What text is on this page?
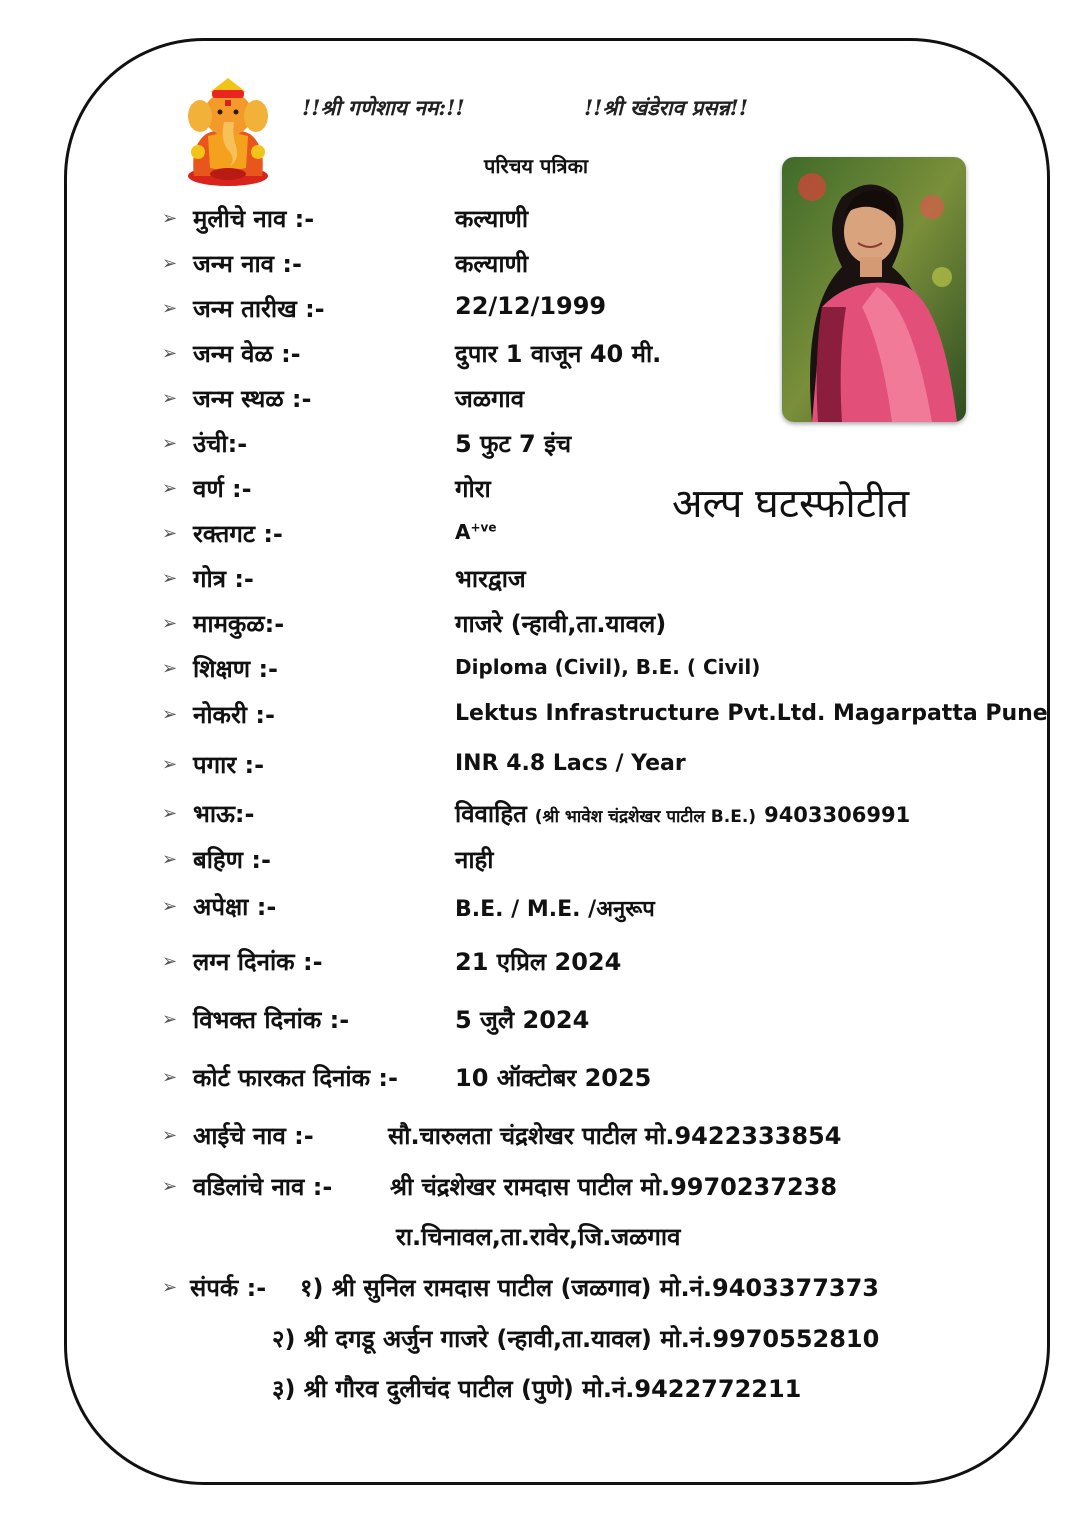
!!श्री गणेशाय नम:!!	!!श्री खंडेराव प्रसन्न!!
परिचय पत्रिका
अल्प घटस्फोटीत
➢ मुलीचे नाव :-	कल्याणी
➢ जन्म नाव :-	कल्याणी
➢ जन्म तारीख :-	22/12/1999
➢ जन्म वेळ :-	दुपार 1 वाजून 40 मी.
➢ जन्म स्थळ :-	जळगाव
➢ उंची:-	5 फुट 7 इंच
➢ वर्ण :-	गोरा
➢ रक्तगट :-	$A^{+ve}$
➢ गोत्र :-	भारद्वाज
➢ मामकुळ:-	गाजरे (न्हावी,ता.यावल)
➢ शिक्षण :-	Diploma (Civil), B.E. ( Civil)
➢ नोकरी :-	Lektus Infrastructure Pvt.Ltd. Magarpatta Pune
➢ पगार :-	INR 4.8 Lacs / Year
➢ भाऊ:-	विवाहित (श्री भावेश चंद्रशेखर पाटील B.E.) 9403306991
➢ बहिण :-	नाही
➢ अपेक्षा :-	B.E. / M.E. /अनुरूप
➢ लग्न दिनांक :-	21 एप्रिल 2024
➢ विभक्त दिनांक :-	5 जुलै 2024
➢ कोर्ट फारकत दिनांक :- 10 ऑक्टोबर 2025
➢ आईचे नाव :-	सौ.चारुलता चंद्रशेखर पाटील मो.9422333854
➢ वडिलांचे नाव :- श्री चंद्रशेखर रामदास पाटील मो.9970237238
रा.चिनावल,ता.रावेर,जि.जळगाव
➢ संपर्क :- १) श्री सुनिल रामदास पाटील (जळगाव) मो.नं.9403377373
२) श्री दगडू अर्जुन गाजरे (न्हावी,ता.यावल) मो.नं.9970552810
३) श्री गौरव दुलीचंद पाटील (पुणे) मो.नं.9422772211
